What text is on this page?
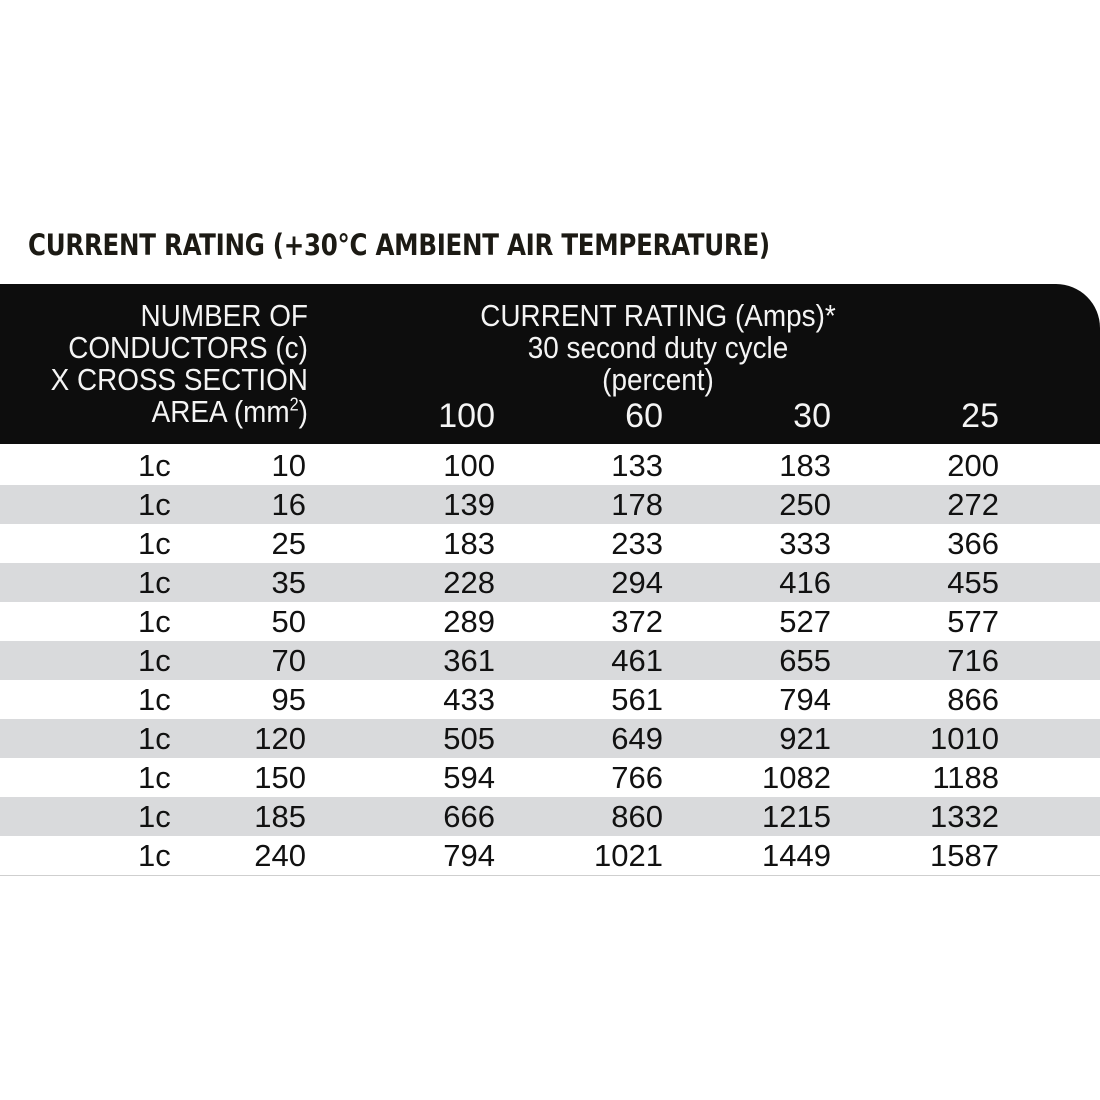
CURRENT RATING (+30°C AMBIENT AIR TEMPERATURE)
NUMBER OF
CONDUCTORS (c)
X CROSS SECTION
AREA $(mm^2)$
CURRENT RATING (Amps)*
30 second duty cycle
(percent)
100	60	30	25
1c	10	100	133	183	200
1c	16	139	178	250	272
1c	25	183	233	333	366
1c	35	228	294	416	455
1c	50	289	372	527	577
1c	70	361	461	655	716
1c	95	433	561	794	866
1c	120	505	649	921	1010
1c	150	594	766	1082	1188
1c	185	666	860	1215	1332
1c	240	794	1021	1449	1587
